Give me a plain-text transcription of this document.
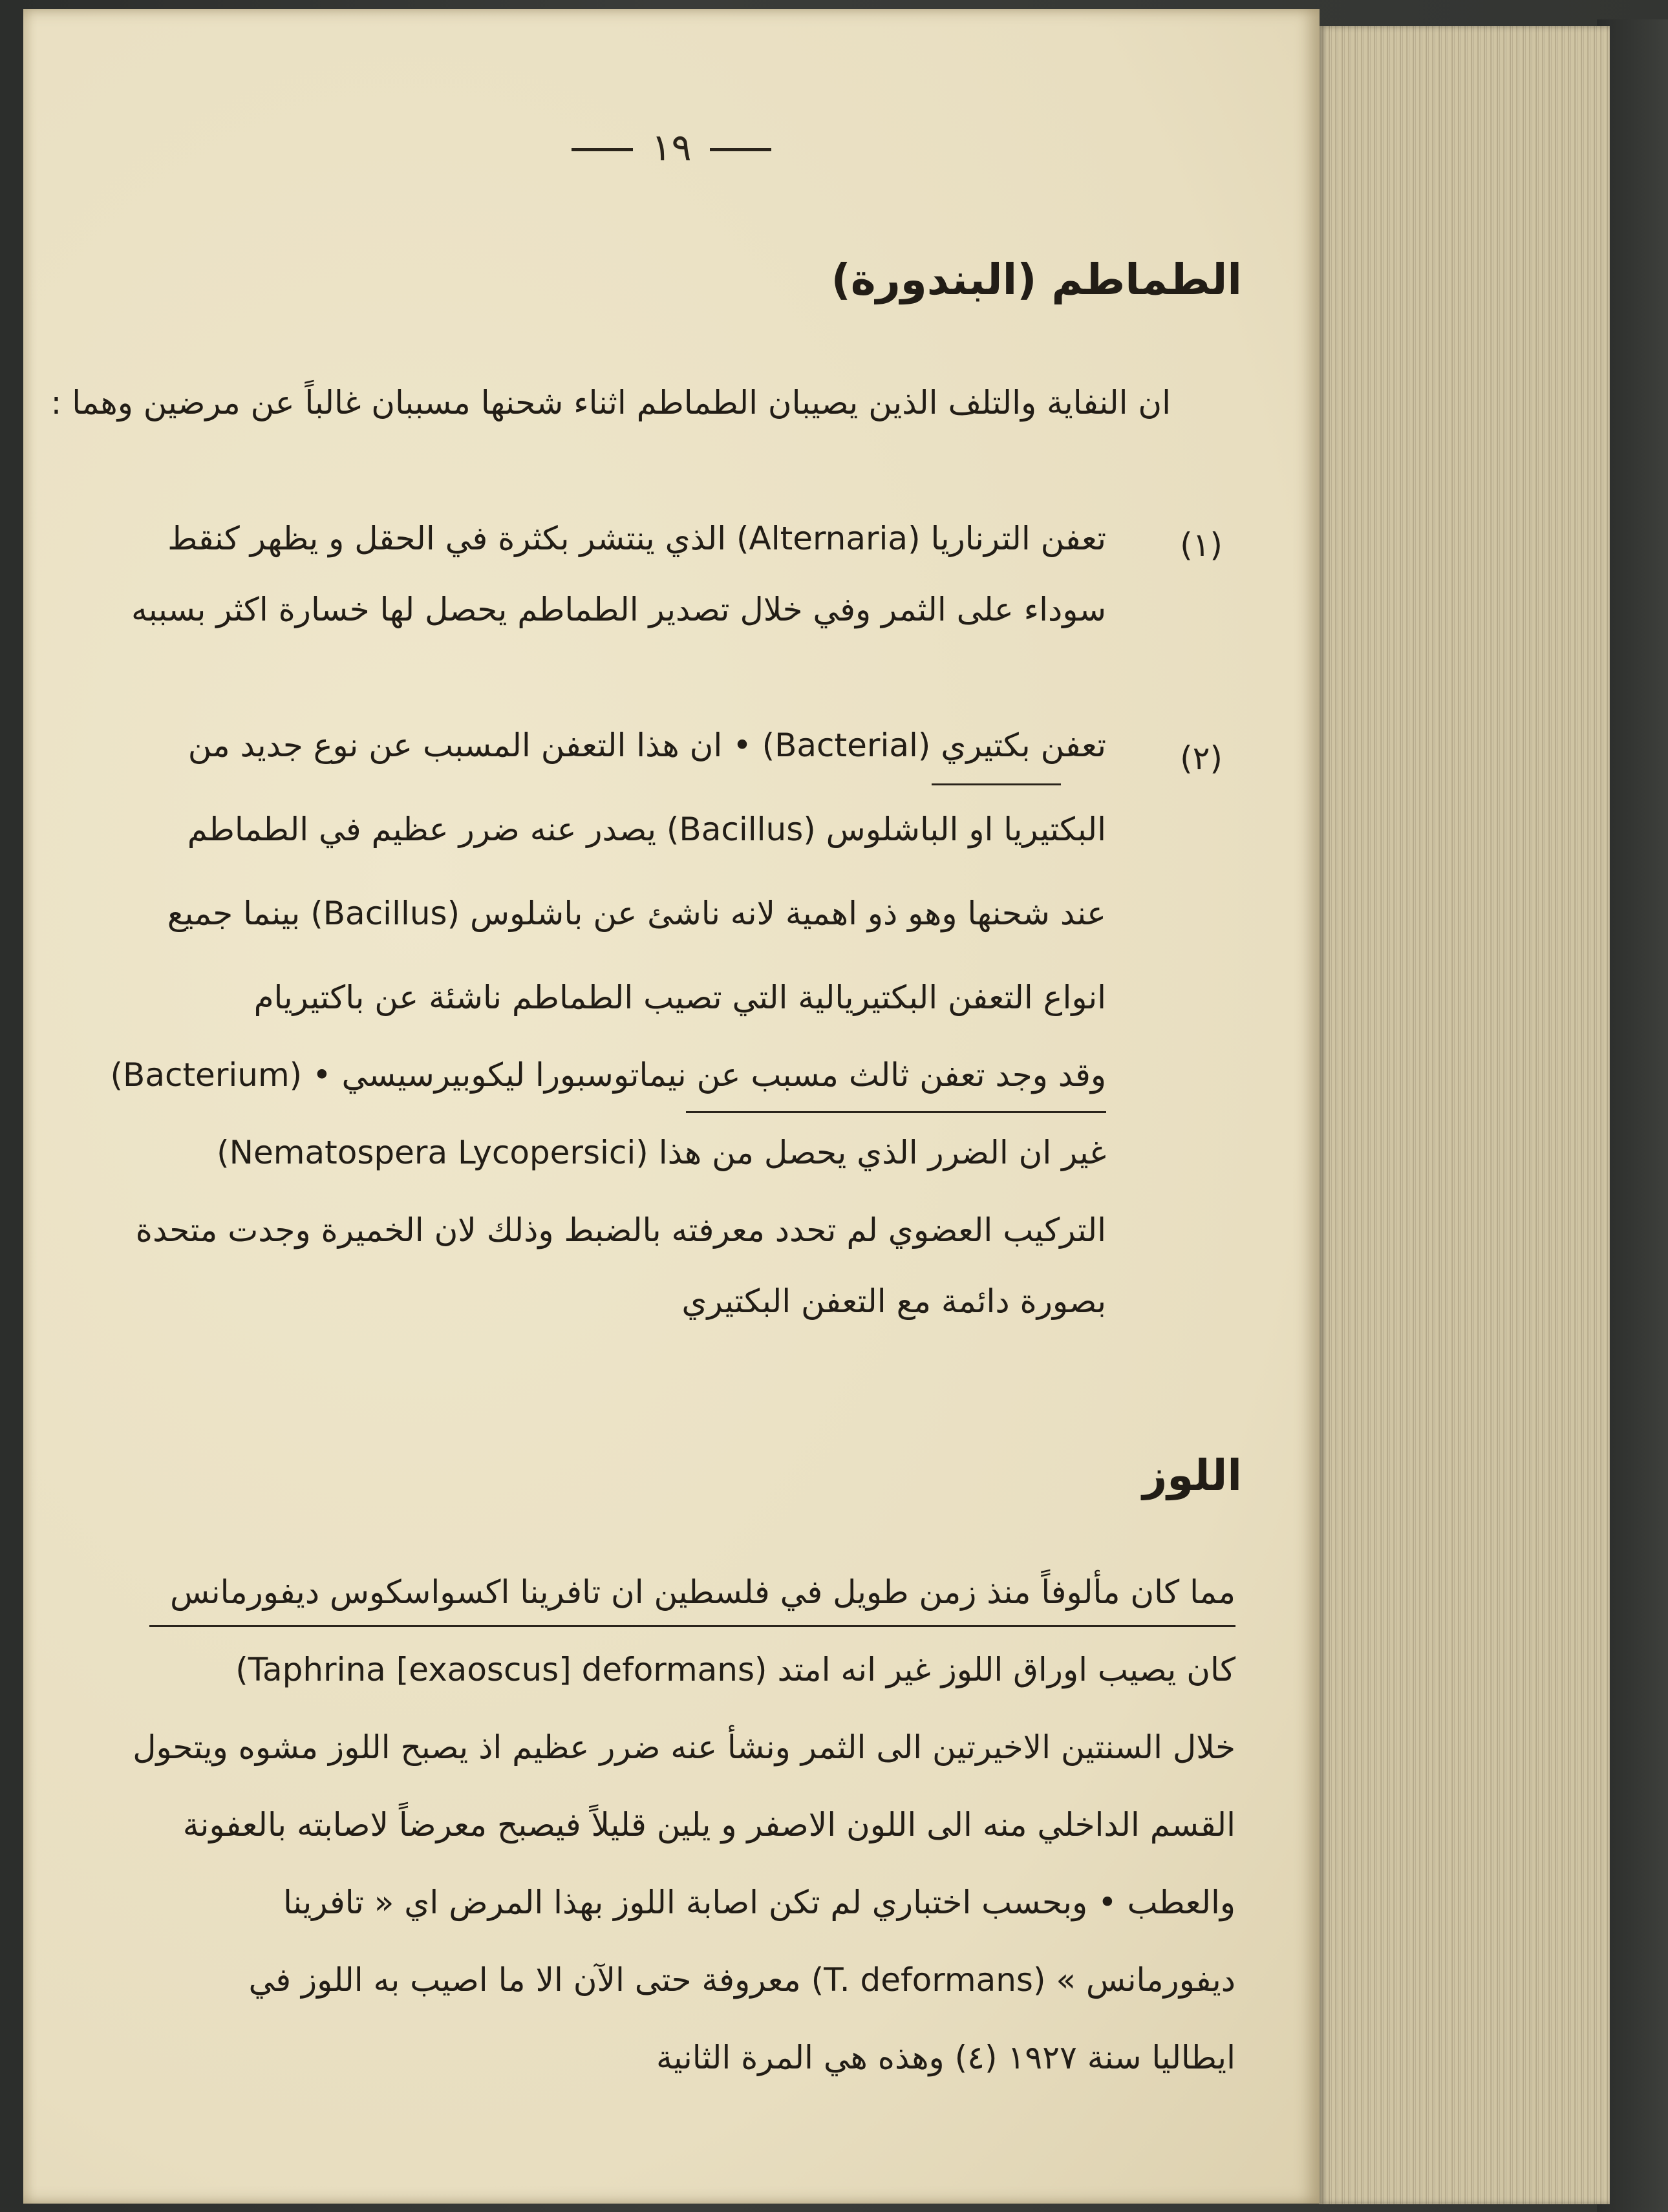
١٩
الطماطم (البندورة)
ان النفاية والتلف الذين يصيبان الطماطم اثناء شحنها مسببان غالباً عن مرضين وهما :
(١)
تعفن الترناريا (Alternaria) الذي ينتشر بكثرة في الحقل و يظهر كنقط
سوداء على الثمر وفي خلال تصدير الطماطم يحصل لها خسارة اكثر بسببه
(٢)
تعفن بكتيري (Bacterial) • ان هذا التعفن المسبب عن نوع جديد من
البكتيريا او الباشلوس (Bacillus) يصدر عنه ضرر عظيم في الطماطم
عند شحنها وهو ذو اهمية لانه ناشئ عن باشلوس (Bacillus) بينما جميع
انواع التعفن البكتيريالية التي تصيب الطماطم ناشئة عن باكتيريام
(Bacterium) • وقد وجد تعفن ثالث مسبب عن نيماتوسبورا ليكوبيرسيسي
(Nematospera Lycopersici) غير ان الضرر الذي يحصل من هذا
التركيب العضوي لم تحدد معرفته بالضبط وذلك لان الخميرة وجدت متحدة
بصورة دائمة مع التعفن البكتيري
اللوز
مما كان مألوفاً منذ زمن طويل في فلسطين ان تافرينا اكسواسكوس ديفورمانس
(Taphrina [exaoscus] deformans) كان يصيب اوراق اللوز غير انه امتد
خلال السنتين الاخيرتين الى الثمر ونشأ عنه ضرر عظيم اذ يصبح اللوز مشوه ويتحول
القسم الداخلي منه الى اللون الاصفر و يلين قليلاً فيصبح معرضاً لاصابته بالعفونة
والعطب • وبحسب اختباري لم تكن اصابة اللوز بهذا المرض اي « تافرينا
ديفورمانس » (T. deformans) معروفة حتى الآن الا ما اصيب به اللوز في
ايطاليا سنة ١٩٢٧ (٤) وهذه هي المرة الثانية
